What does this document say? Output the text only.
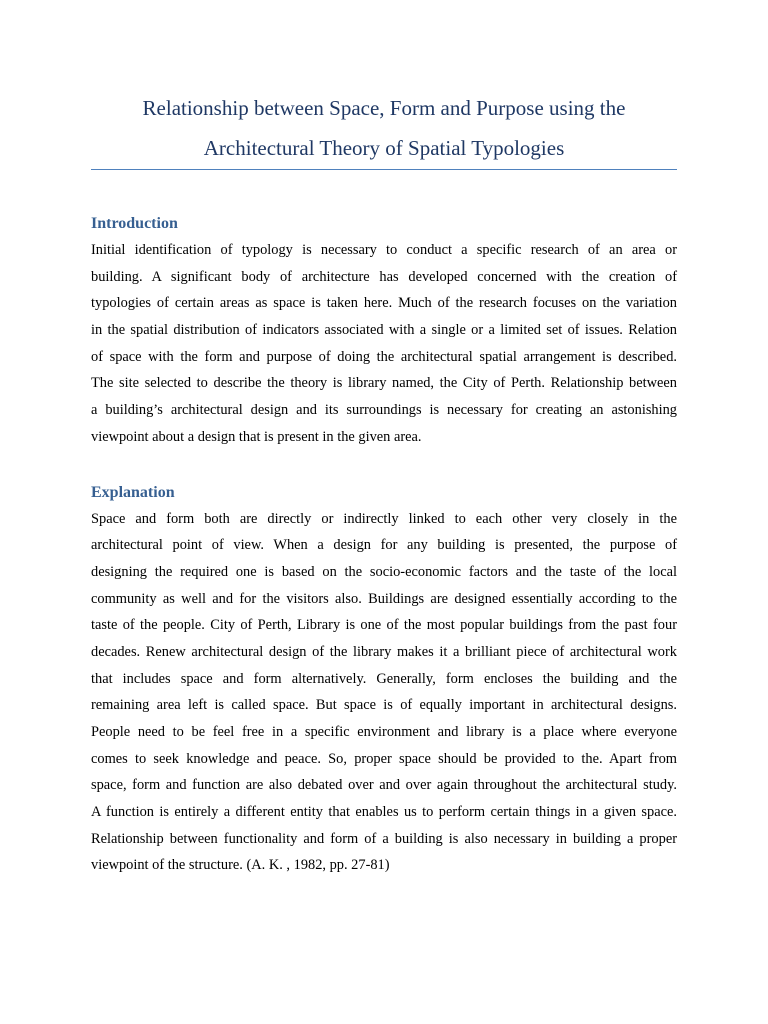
Relationship between Space, Form and Purpose using the
Architectural Theory of Spatial Typologies
Introduction
Initial identification of typology is necessary to conduct a specific research of an area or
building. A significant body of architecture has developed concerned with the creation of
typologies of certain areas as space is taken here. Much of the research focuses on the variation
in the spatial distribution of indicators associated with a single or a limited set of issues. Relation
of space with the form and purpose of doing the architectural spatial arrangement is described.
The site selected to describe the theory is library named, the City of Perth. Relationship between
a building’s architectural design and its surroundings is necessary for creating an astonishing
viewpoint about a design that is present in the given area.
Explanation
Space and form both are directly or indirectly linked to each other very closely in the
architectural point of view. When a design for any building is presented, the purpose of
designing the required one is based on the socio-economic factors and the taste of the local
community as well and for the visitors also. Buildings are designed essentially according to the
taste of the people. City of Perth, Library is one of the most popular buildings from the past four
decades. Renew architectural design of the library makes it a brilliant piece of architectural work
that includes space and form alternatively. Generally, form encloses the building and the
remaining area left is called space. But space is of equally important in architectural designs.
People need to be feel free in a specific environment and library is a place where everyone
comes to seek knowledge and peace. So, proper space should be provided to the. Apart from
space, form and function are also debated over and over again throughout the architectural study.
A function is entirely a different entity that enables us to perform certain things in a given space.
Relationship between functionality and form of a building is also necessary in building a proper
viewpoint of the structure. (A. K. , 1982, pp. 27-81)
